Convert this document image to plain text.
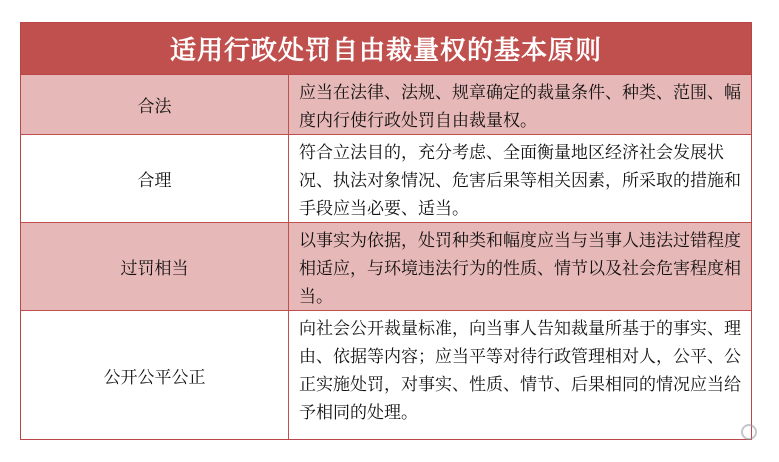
适用行政处罚自由裁量权的基本原则
合法
应当在法律、法规、规章确定的裁量条件、种类、范围、幅度内行使行政处罚自由裁量权。
合理
符合立法目的，充分考虑、全面衡量地区经济社会发展状况、执法对象情况、危害后果等相关因素，所采取的措施和手段应当必要、适当。
过罚相当
以事实为依据，处罚种类和幅度应当与当事人违法过错程度相适应，与环境违法行为的性质、情节以及社会危害程度相当。
公开公平公正
向社会公开裁量标准，向当事人告知裁量所基于的事实、理由、依据等内容；应当平等对待行政管理相对人，公平、公正实施处罚，对事实、性质、情节、后果相同的情况应当给予相同的处理。
